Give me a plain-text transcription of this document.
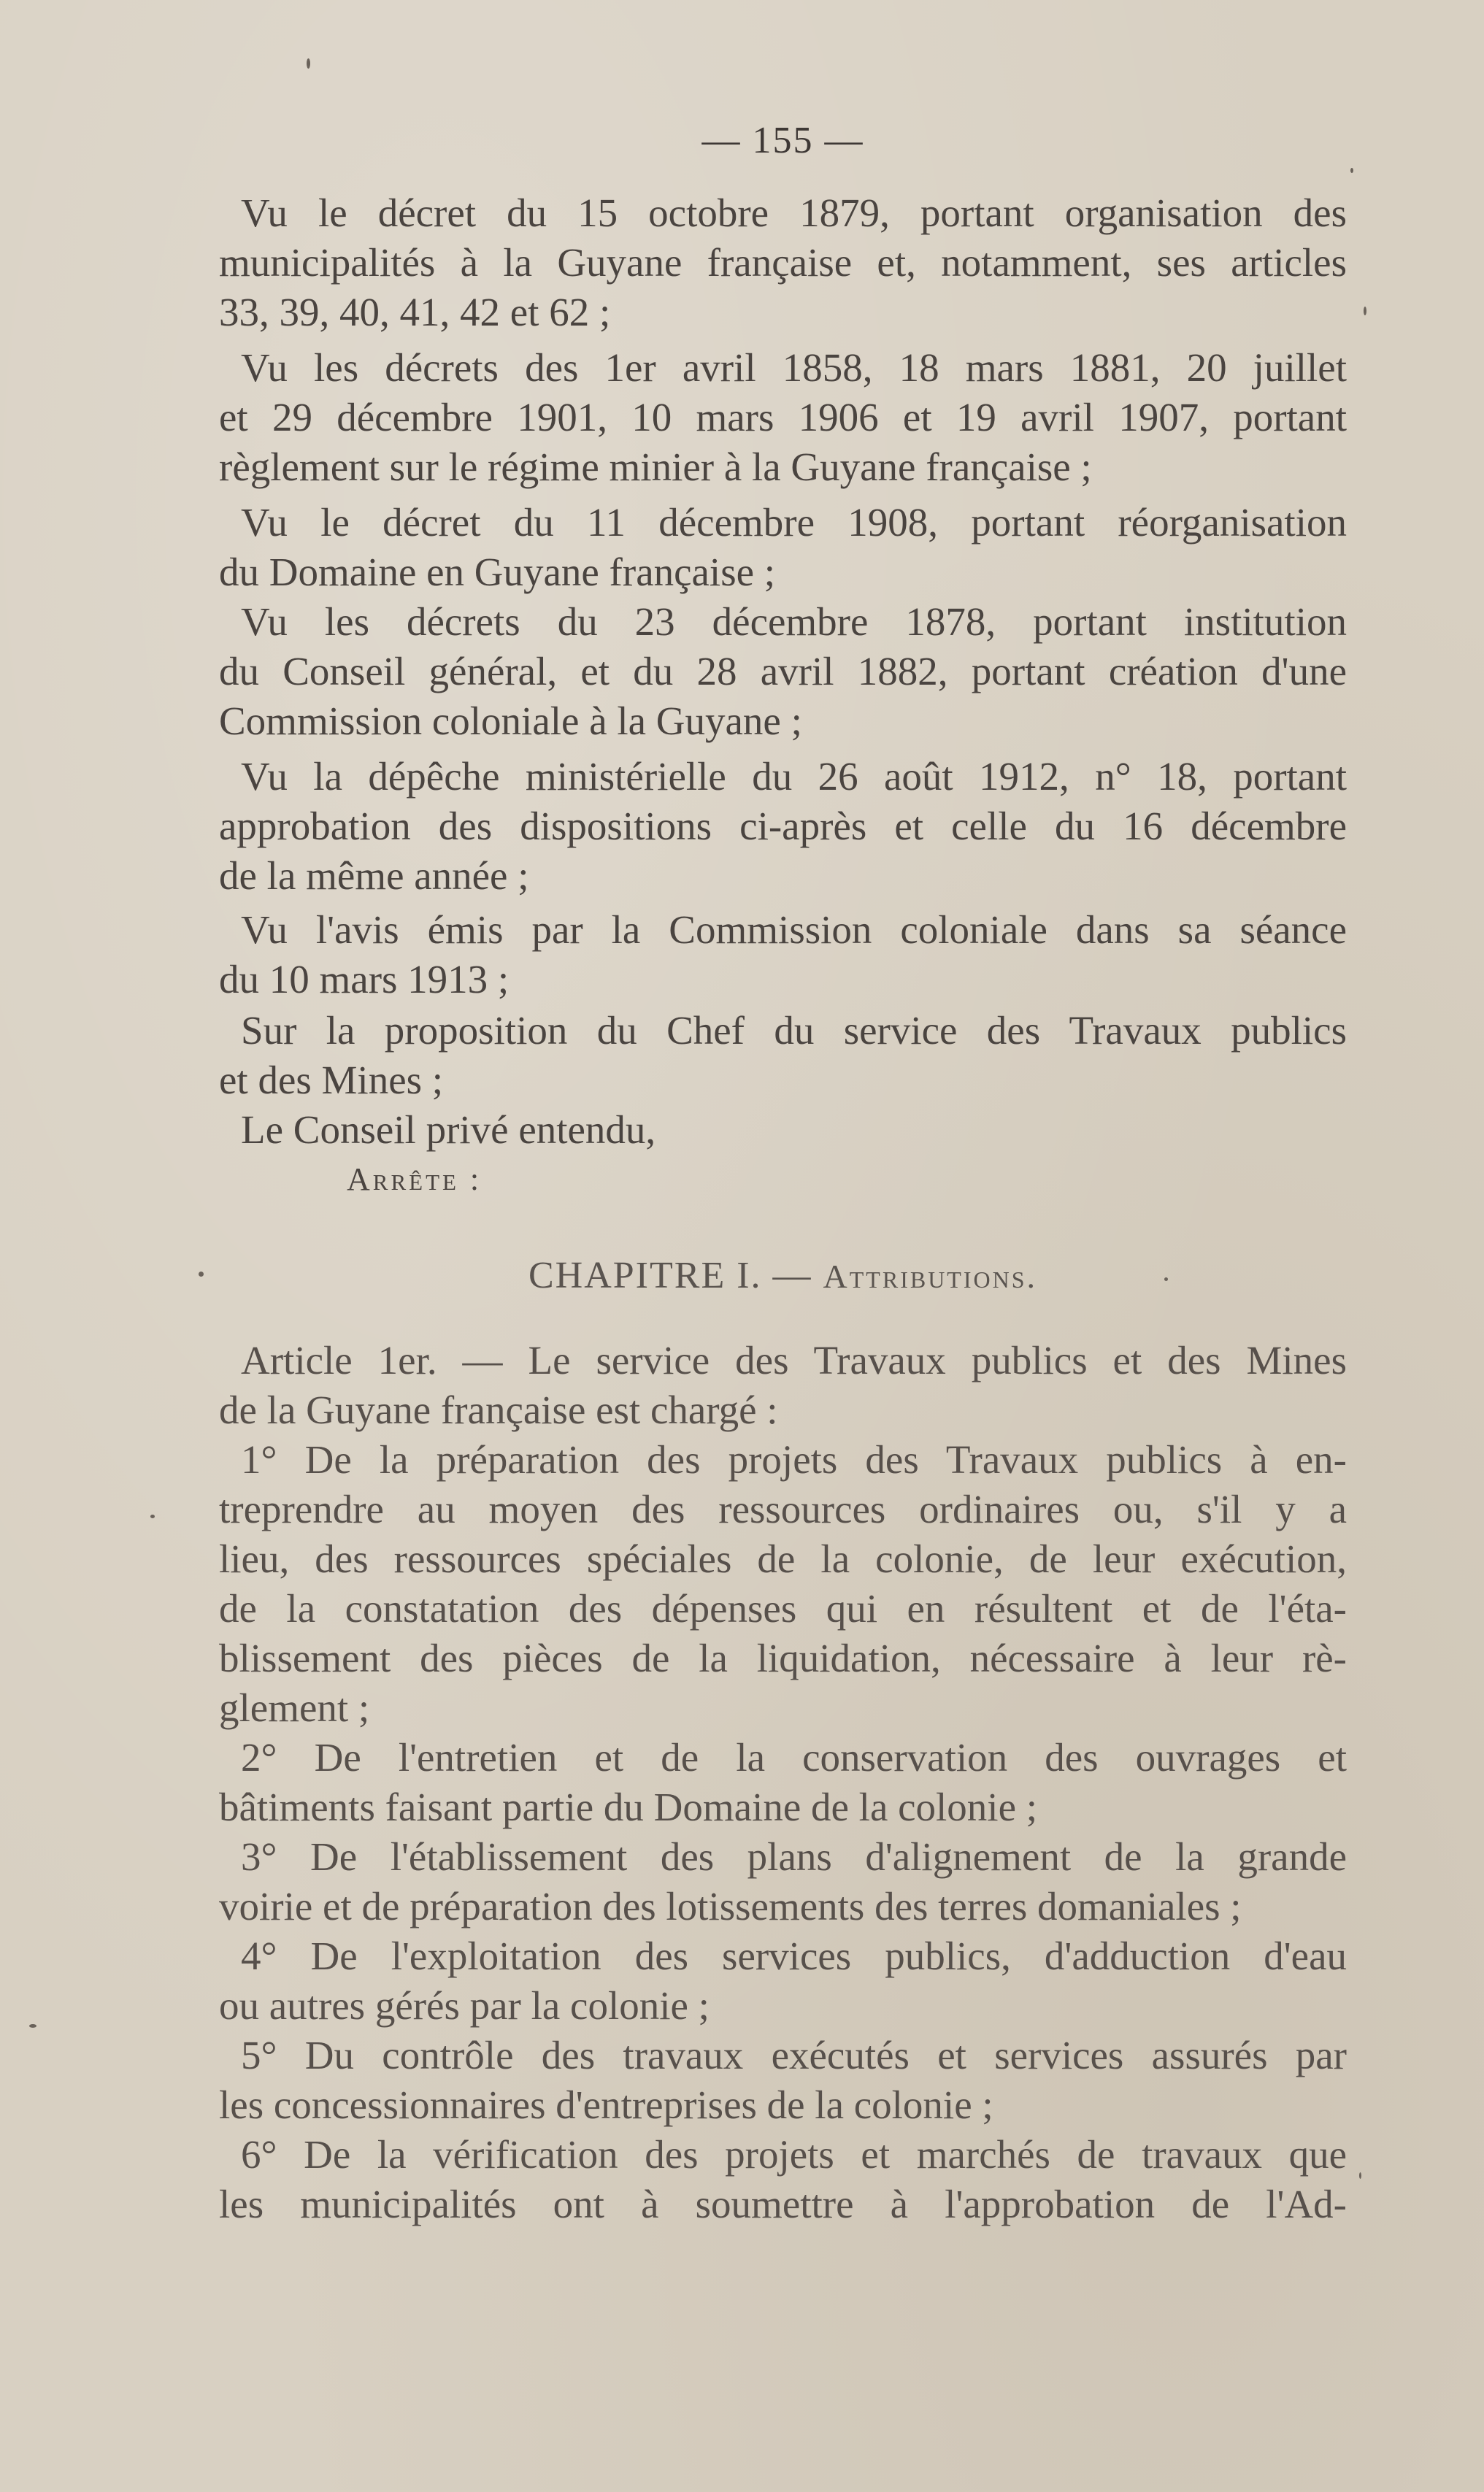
— 155 —
Vu le décret du 15 octobre 1879, portant organisation des
municipalités à la Guyane française et, notamment, ses articles
33, 39, 40, 41, 42 et 62 ;
Vu les décrets des 1er avril 1858, 18 mars 1881, 20 juillet
et 29 décembre 1901, 10 mars 1906 et 19 avril 1907, portant
règlement sur le régime minier à la Guyane française ;
Vu le décret du 11 décembre 1908, portant réorganisation
du Domaine en Guyane française ;
Vu les décrets du 23 décembre 1878, portant institution
du Conseil général, et du 28 avril 1882, portant création d'une
Commission coloniale à la Guyane ;
Vu la dépêche ministérielle du 26 août 1912, n° 18, portant
approbation des dispositions ci-après et celle du 16 décembre
de la même année ;
Vu l'avis émis par la Commission coloniale dans sa séance
du 10 mars 1913 ;
Sur la proposition du Chef du service des Travaux publics
et des Mines ;
Le Conseil privé entendu,
Arrête :
CHAPITRE I. — Attributions.
Article 1er. — Le service des Travaux publics et des Mines
de la Guyane française est chargé :
1° De la préparation des projets des Travaux publics à en-
treprendre au moyen des ressources ordinaires ou, s'il y a
lieu, des ressources spéciales de la colonie, de leur exécution,
de la constatation des dépenses qui en résultent et de l'éta-
blissement des pièces de la liquidation, nécessaire à leur rè-
glement ;
2° De l'entretien et de la conservation des ouvrages et
bâtiments faisant partie du Domaine de la colonie ;
3° De l'établissement des plans d'alignement de la grande
voirie et de préparation des lotissements des terres domaniales ;
4° De l'exploitation des services publics, d'adduction d'eau
ou autres gérés par la colonie ;
5° Du contrôle des travaux exécutés et services assurés par
les concessionnaires d'entreprises de la colonie ;
6° De la vérification des projets et marchés de travaux que
les municipalités ont à soumettre à l'approbation de l'Ad-
